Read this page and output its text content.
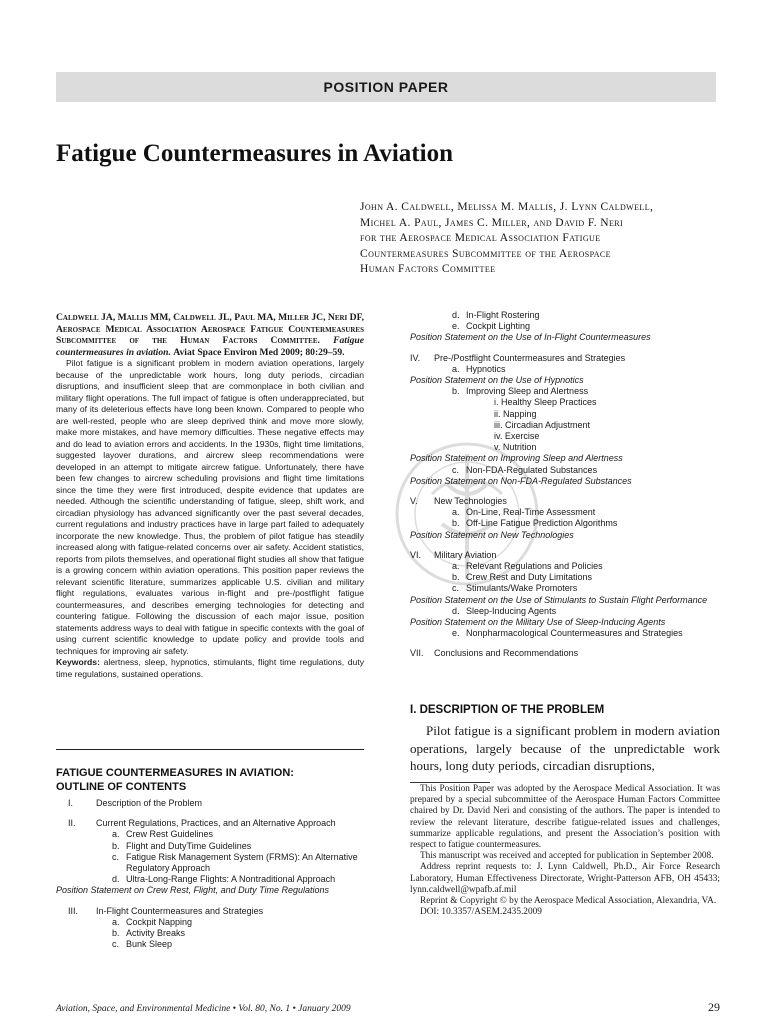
POSITION PAPER
Fatigue Countermeasures in Aviation
John A. Caldwell, Melissa M. Mallis, J. Lynn Caldwell,
Michel A. Paul, James C. Miller, and David F. Neri
for the Aerospace Medical Association Fatigue
Countermeasures Subcommittee of the Aerospace
Human Factors Committee

Caldwell JA, Mallis MM, Caldwell JL, Paul MA, Miller JC, Neri DF, Aerospace Medical Association Aerospace Fatigue Countermeasures Subcommittee of the Human Factors Committee. Fatigue countermeasures in aviation. Aviat Space Environ Med 2009; 80:29–59.

Pilot fatigue is a significant problem in modern aviation operations, largely because of the unpredictable work hours, long duty periods, circadian disruptions, and insufficient sleep that are commonplace in both civilian and military flight operations. The full impact of fatigue is often underappreciated, but many of its deleterious effects have long been known. Compared to people who are well-rested, people who are sleep deprived think and move more slowly, make more mistakes, and have memory difficulties. These negative effects may and do lead to aviation errors and accidents. In the 1930s, flight time limitations, suggested layover durations, and aircrew sleep recommendations were developed in an attempt to mitigate aircrew fatigue. Unfortunately, there have been few changes to aircrew scheduling provisions and flight time limitations since the time they were first introduced, despite evidence that updates are needed. Although the scientific understanding of fatigue, sleep, shift work, and circadian physiology has advanced significantly over the past several decades, current regulations and industry practices have in large part failed to adequately incorporate the new knowledge. Thus, the problem of pilot fatigue has steadily increased along with fatigue-related concerns over air safety. Accident statistics, reports from pilots themselves, and operational flight studies all show that fatigue is a growing concern within aviation operations. This position paper reviews the relevant scientific literature, summarizes applicable U.S. civilian and military flight regulations, evaluates various in-flight and pre-/postflight fatigue countermeasures, and describes emerging technologies for detecting and countering fatigue. Following the discussion of each major issue, position statements address ways to deal with fatigue in specific contexts with the goal of using current scientific knowledge to update policy and provide tools and techniques for improving air safety.

Keywords: alertness, sleep, hypnotics, stimulants, flight time regulations, duty time regulations, sustained operations.

FATIGUE COUNTERMEASURES IN AVIATION:
OUTLINE OF CONTENTS
I.	Description of the Problem
II.	Current Regulations, Practices, and an Alternative Approach
a. Crew Rest Guidelines
b. Flight and DutyTime Guidelines
c. Fatigue Risk Management System (FRMS): An Alternative
Regulatory Approach
d. Ultra-Long-Range Flights: A Nontraditional Approach
Position Statement on Crew Rest, Flight, and Duty Time Regulations
III.	In-Flight Countermeasures and Strategies
a. Cockpit Napping
b. Activity Breaks
c. Bunk Sleep
d. In-Flight Rostering
e. Cockpit Lighting
Position Statement on the Use of In-Flight Countermeasures
IV. Pre-/Postflight Countermeasures and Strategies
a. Hypnotics
Position Statement on the Use of Hypnotics
b. Improving Sleep and Alertness
i. Healthy Sleep Practices
ii. Napping
iii. Circadian Adjustment
iv. Exercise
v. Nutrition
Position Statement on Improving Sleep and Alertness
c. Non-FDA-Regulated Substances
Position Statement on Non-FDA-Regulated Substances
V. New Technologies
a. On-Line, Real-Time Assessment
b. Off-Line Fatigue Prediction Algorithms
Position Statement on New Technologies
VI. Military Aviation
a. Relevant Regulations and Policies
b. Crew Rest and Duty Limitations
c. Stimulants/Wake Promoters
Position Statement on the Use of Stimulants to Sustain Flight Performance
d. Sleep-Inducing Agents
Position Statement on the Military Use of Sleep-Inducing Agents
e. Nonpharmacological Countermeasures and Strategies
VII. Conclusions and Recommendations
I. DESCRIPTION OF THE PROBLEM

Pilot fatigue is a significant problem in modern aviation operations, largely because of the unpredictable work hours, long duty periods, circadian disruptions,

This Position Paper was adopted by the Aerospace Medical Association. It was prepared by a special subcommittee of the Aerospace Human Factors Committee chaired by Dr. David Neri and consisting of the authors. The paper is intended to review the relevant literature, describe fatigue-related issues and challenges, summarize applicable regulations, and present the Association’s position with respect to fatigue countermeasures.

This manuscript was received and accepted for publication in September 2008.

Address reprint requests to: J. Lynn Caldwell, Ph.D., Air Force Research Laboratory, Human Effectiveness Directorate, Wright-Patterson AFB, OH 45433; lynn.caldwell@wpafb.af.mil

Reprint & Copyright © by the Aerospace Medical Association, Alexandria, VA.

DOI: 10.3357/ASEM.2435.2009

Aviation, Space, and Environmental Medicine • Vol. 80, No. 1 • January 2009	29
